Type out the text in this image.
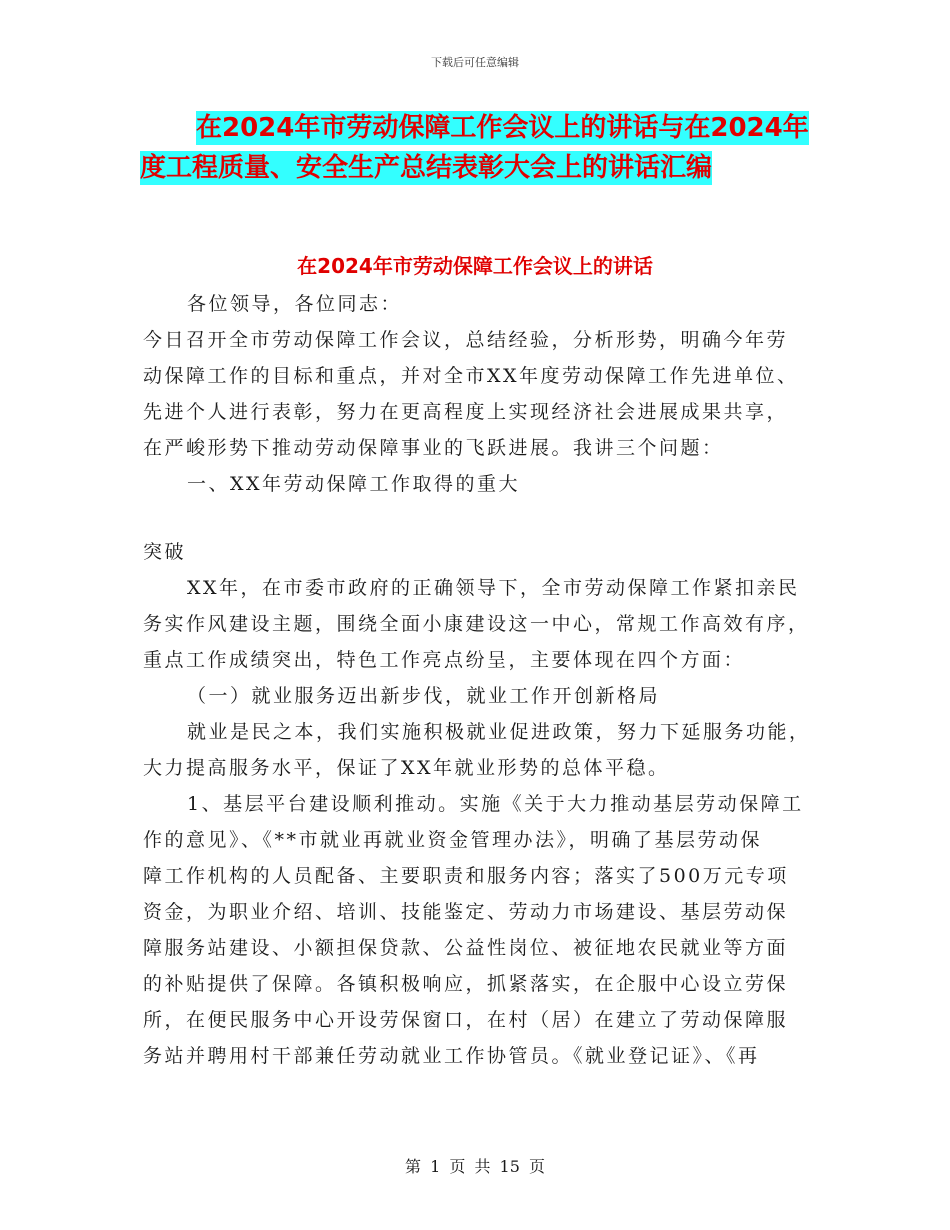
下载后可任意编辑
在2024年市劳动保障工作会议上的讲话与在2024年
度工程质量、安全生产总结表彰大会上的讲话汇编
在2024年市劳动保障工作会议上的讲话

各位领导，各位同志：

今日召开全市劳动保障工作会议，总结经验，分析形势，明确今年劳

动保障工作的目标和重点，并对全市XX年度劳动保障工作先进单位、

先进个人进行表彰，努力在更高程度上实现经济社会进展成果共享，

在严峻形势下推动劳动保障事业的飞跃进展。我讲三个问题：

一、XX年劳动保障工作取得的重大

突破

XX年，在市委市政府的正确领导下，全市劳动保障工作紧扣亲民

务实作风建设主题，围绕全面小康建设这一中心，常规工作高效有序，

重点工作成绩突出，特色工作亮点纷呈，主要体现在四个方面：

（一）就业服务迈出新步伐，就业工作开创新格局

就业是民之本，我们实施积极就业促进政策，努力下延服务功能，

大力提高服务水平，保证了XX年就业形势的总体平稳。

1、基层平台建设顺利推动。实施《关于大力推动基层劳动保障工

作的意见》、《**市就业再就业资金管理办法》，明确了基层劳动保

障工作机构的人员配备、主要职责和服务内容；落实了500万元专项

资金，为职业介绍、培训、技能鉴定、劳动力市场建设、基层劳动保

障服务站建设、小额担保贷款、公益性岗位、被征地农民就业等方面

的补贴提供了保障。各镇积极响应，抓紧落实，在企服中心设立劳保

所，在便民服务中心开设劳保窗口，在村（居）在建立了劳动保障服

务站并聘用村干部兼任劳动就业工作协管员。《就业登记证》、《再

第 1 页 共 15 页
